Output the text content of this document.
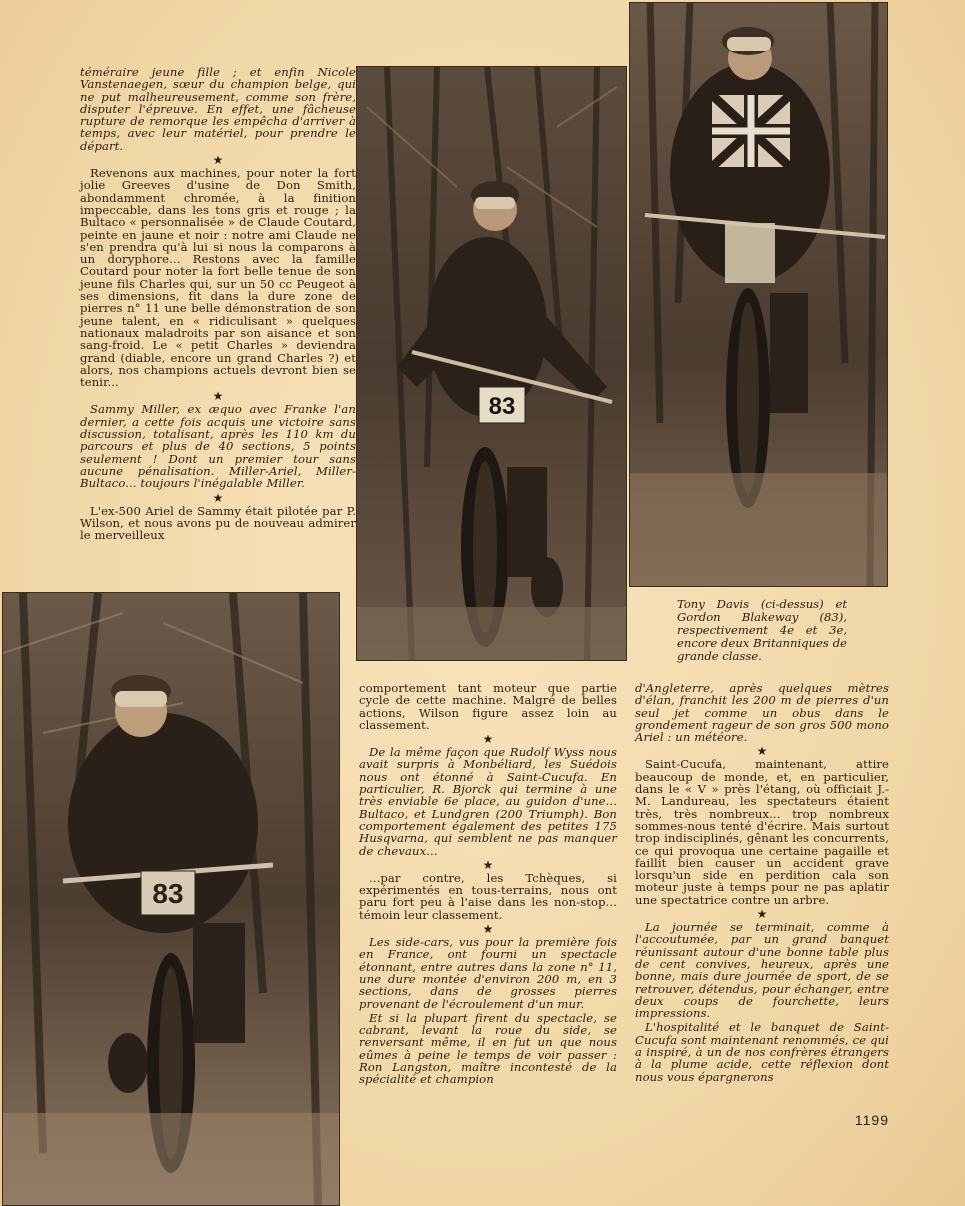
téméraire jeune fille ; et enfin Nicole Vanstenaegen, sœur du champion belge, qui ne put malheureusement, comme son frère, disputer l'épreuve. En effet, une fâcheuse rupture de remorque les empêcha d'arriver à temps, avec leur matériel, pour prendre le départ.

★

Revenons aux machines, pour noter la fort jolie Greeves d'usine de Don Smith, abondamment chromée, à la finition impeccable, dans les tons gris et rouge ; la Bultaco « personnalisée » de Claude Coutard, peinte en jaune et noir : notre ami Claude ne s'en prendra qu'à lui si nous la comparons à un doryphore... Restons avec la famille Coutard pour noter la fort belle tenue de son jeune fils Charles qui, sur un 50 cc Peugeot à ses dimensions, fit dans la dure zone de pierres n° 11 une belle démonstration de son jeune talent, en « ridiculisant » quelques nationaux maladroits par son aisance et son sang-froid. Le « petit Charles » deviendra grand (diable, encore un grand Charles ?) et alors, nos champions actuels devront bien se tenir...

★

Sammy Miller, ex æquo avec Franke l'an dernier, a cette fois acquis une victoire sans discussion, totalisant, après les 110 km du parcours et plus de 40 sections, 5 points seulement ! Dont un premier tour sans aucune pénalisation. Miller-Ariel, Miller-Bultaco... toujours l'inégalable Miller.

★

L'ex-500 Ariel de Sammy était pilotée par P. Wilson, et nous avons pu de nouveau admirer le merveilleux

83
Tony Davis (ci-dessus) et Gordon Blakeway (83), respectivement 4e et 3e, encore deux Britanniques de grande classe.
83

comportement tant moteur que partie cycle de cette machine. Malgré de belles actions, Wilson figure assez loin au classement.

★

De la même façon que Rudolf Wyss nous avait surpris à Monbéliard, les Suédois nous ont étonné à Saint-Cucufa. En particulier, R. Bjorck qui termine à une très enviable 6e place, au guidon d'une... Bultaco, et Lundgren (200 Triumph). Bon comportement également des petites 175 Husqvarna, qui semblent ne pas manquer de chevaux...

★

...par contre, les Tchèques, si expérimentés en tous-terrains, nous ont paru fort peu à l'aise dans les non-stop... témoin leur classement.

★

Les side-cars, vus pour la première fois en France, ont fourni un spectacle étonnant, entre autres dans la zone n° 11, une dure montée d'environ 200 m, en 3 sections, dans de grosses pierres provenant de l'écroulement d'un mur.

Et si la plupart firent du spectacle, se cabrant, levant la roue du side, se renversant même, il en fut un que nous eûmes à peine le temps de voir passer : Ron Langston, maître incontesté de la spécialité et champion

d'Angleterre, après quelques mètres d'élan, franchit les 200 m de pierres d'un seul jet comme un obus dans le grondement rageur de son gros 500 mono Ariel : un météore.

★

Saint-Cucufa, maintenant, attire beaucoup de monde, et, en particulier, dans le « V » près l'étang, où officiait J.-M. Landureau, les spectateurs étaient très, très nombreux... trop nombreux sommes-nous tenté d'écrire. Mais surtout trop indisciplinés, gênant les concurrents, ce qui provoqua une certaine pagaille et faillit bien causer un accident grave lorsqu'un side en perdition cala son moteur juste à temps pour ne pas aplatir une spectatrice contre un arbre.

★

La journée se terminait, comme à l'accoutumée, par un grand banquet réunissant autour d'une bonne table plus de cent convives, heureux, après une bonne, mais dure journée de sport, de se retrouver, détendus, pour échanger, entre deux coups de fourchette, leurs impressions.

L'hospitalité et le banquet de Saint-Cucufa sont maintenant renommés, ce qui a inspiré, à un de nos confrères étrangers à la plume acide, cette réflexion dont nous vous épargnerons

1199
